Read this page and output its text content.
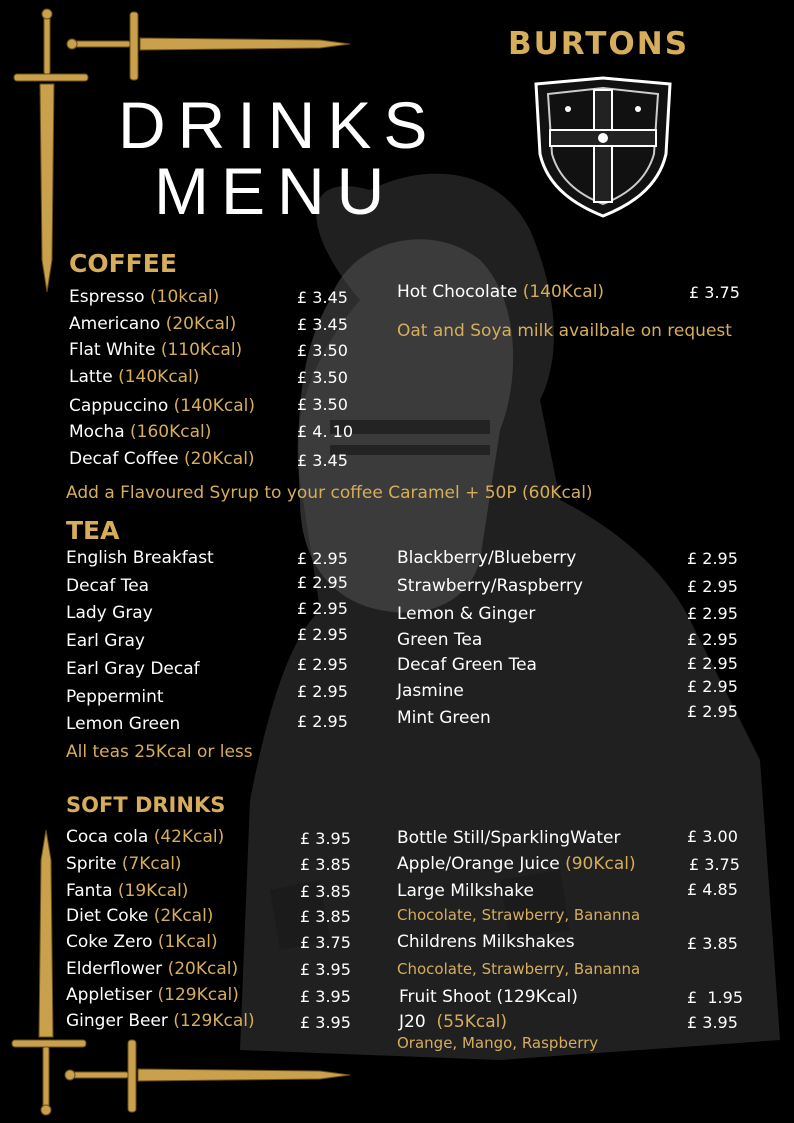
DRINKS
MENU
BURTONS
COFFEE
Espresso (10kcal)	£ 3.45
Americano (20Kcal)	£ 3.45
Flat White (110Kcal)	£ 3.50
Latte (140Kcal)	£ 3.50
Cappuccino (140Kcal)	£ 3.50
Mocha (160Kcal)	£ 4. 10
Decaf Coffee (20Kcal)	£ 3.45
Hot Chocolate (140Kcal)	£ 3.75
Oat and Soya milk availbale on request
Add a Flavoured Syrup to your coffee Caramel + 50P (60Kcal)
TEA
English Breakfast	£ 2.95
Decaf Tea	£ 2.95
Lady Gray	£ 2.95
Earl Gray	£ 2.95
Earl Gray Decaf	£ 2.95
Peppermint	£ 2.95
Lemon Green	£ 2.95
Blackberry/Blueberry	£ 2.95
Strawberry/Raspberry	£ 2.95
Lemon & Ginger	£ 2.95
Green Tea	£ 2.95
Decaf Green Tea	£ 2.95
Jasmine	£ 2.95
Mint Green	£ 2.95
All teas 25Kcal or less
SOFT DRINKS
Coca cola (42Kcal)	£ 3.95
Sprite (7Kcal)	£ 3.85
Fanta (19Kcal)	£ 3.85
Diet Coke (2Kcal)	£ 3.85
Coke Zero (1Kcal)	£ 3.75
Elderflower (20Kcal)	£ 3.95
Appletiser (129Kcal)	£ 3.95
Ginger Beer (129Kcal)	£ 3.95
Bottle Still/SparklingWater	£ 3.00
Apple/Orange Juice (90Kcal)	£ 3.75
Large Milkshake	£ 4.85
Chocolate, Strawberry, Bananna
Childrens Milkshakes	£ 3.85
Chocolate, Strawberry, Bananna
Fruit Shoot (129Kcal)	£  1.95
J20  (55Kcal)	£ 3.95
Orange, Mango, Raspberry
